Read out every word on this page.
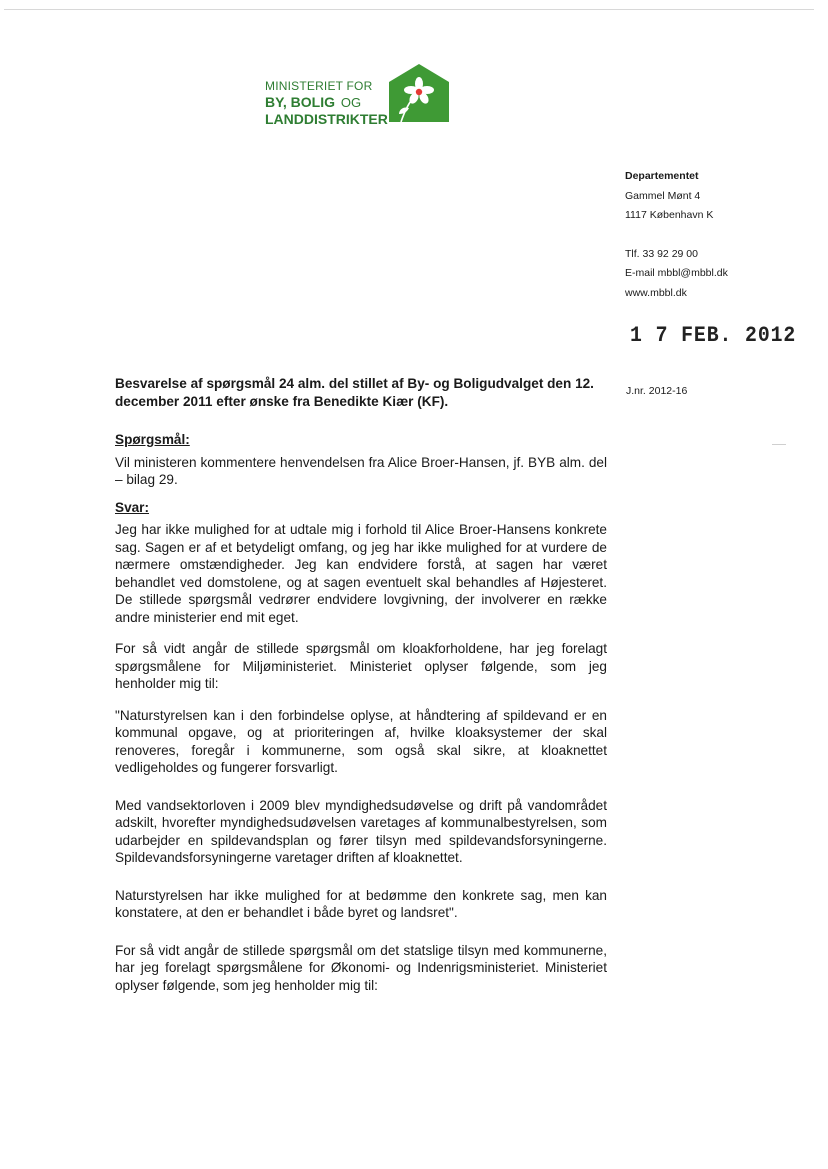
MINISTERIET FOR
BY, BOLIG OG
LANDDISTRIKTER
Departementet
Gammel Mønt 4
1117 København K
Tlf. 33 92 29 00
E-mail mbbl@mbbl.dk
www.mbbl.dk
1 7 FEB. 2012
J.nr. 2012-16
Besvarelse af spørgsmål 24 alm. del stillet af By- og Boligudvalget den 12. december 2011 efter ønske fra Benedikte Kiær (KF).
Spørgsmål:

Vil ministeren kommentere henvendelsen fra Alice Broer-Hansen, jf. BYB alm. del – bilag 29.

Svar:

Jeg har ikke mulighed for at udtale mig i forhold til Alice Broer-Hansens konkrete sag. Sagen er af et betydeligt omfang, og jeg har ikke mulighed for at vurdere de nærmere omstændigheder. Jeg kan endvidere forstå, at sagen har været behandlet ved domstolene, og at sagen eventuelt skal behandles af Højesteret. De stillede spørgsmål vedrører endvidere lovgivning, der involverer en række andre ministerier end mit eget.

For så vidt angår de stillede spørgsmål om kloakforholdene, har jeg forelagt spørgsmålene for Miljøministeriet. Ministeriet oplyser følgende, som jeg henholder mig til:

"Naturstyrelsen kan i den forbindelse oplyse, at håndtering af spildevand er en kommunal opgave, og at prioriteringen af, hvilke kloaksystemer der skal renoveres, foregår i kommunerne, som også skal sikre, at kloaknettet vedligeholdes og fungerer forsvarligt.

Med vandsektorloven i 2009 blev myndighedsudøvelse og drift på vandområdet adskilt, hvorefter myndighedsudøvelsen varetages af kommunalbestyrelsen, som udarbejder en spildevandsplan og fører tilsyn med spildevandsforsyningerne. Spildevandsforsyningerne varetager driften af kloaknettet.

Naturstyrelsen har ikke mulighed for at bedømme den konkrete sag, men kan konstatere, at den er behandlet i både byret og landsret".

For så vidt angår de stillede spørgsmål om det statslige tilsyn med kommunerne, har jeg forelagt spørgsmålene for Økonomi- og Indenrigsministeriet. Ministeriet oplyser følgende, som jeg henholder mig til:
